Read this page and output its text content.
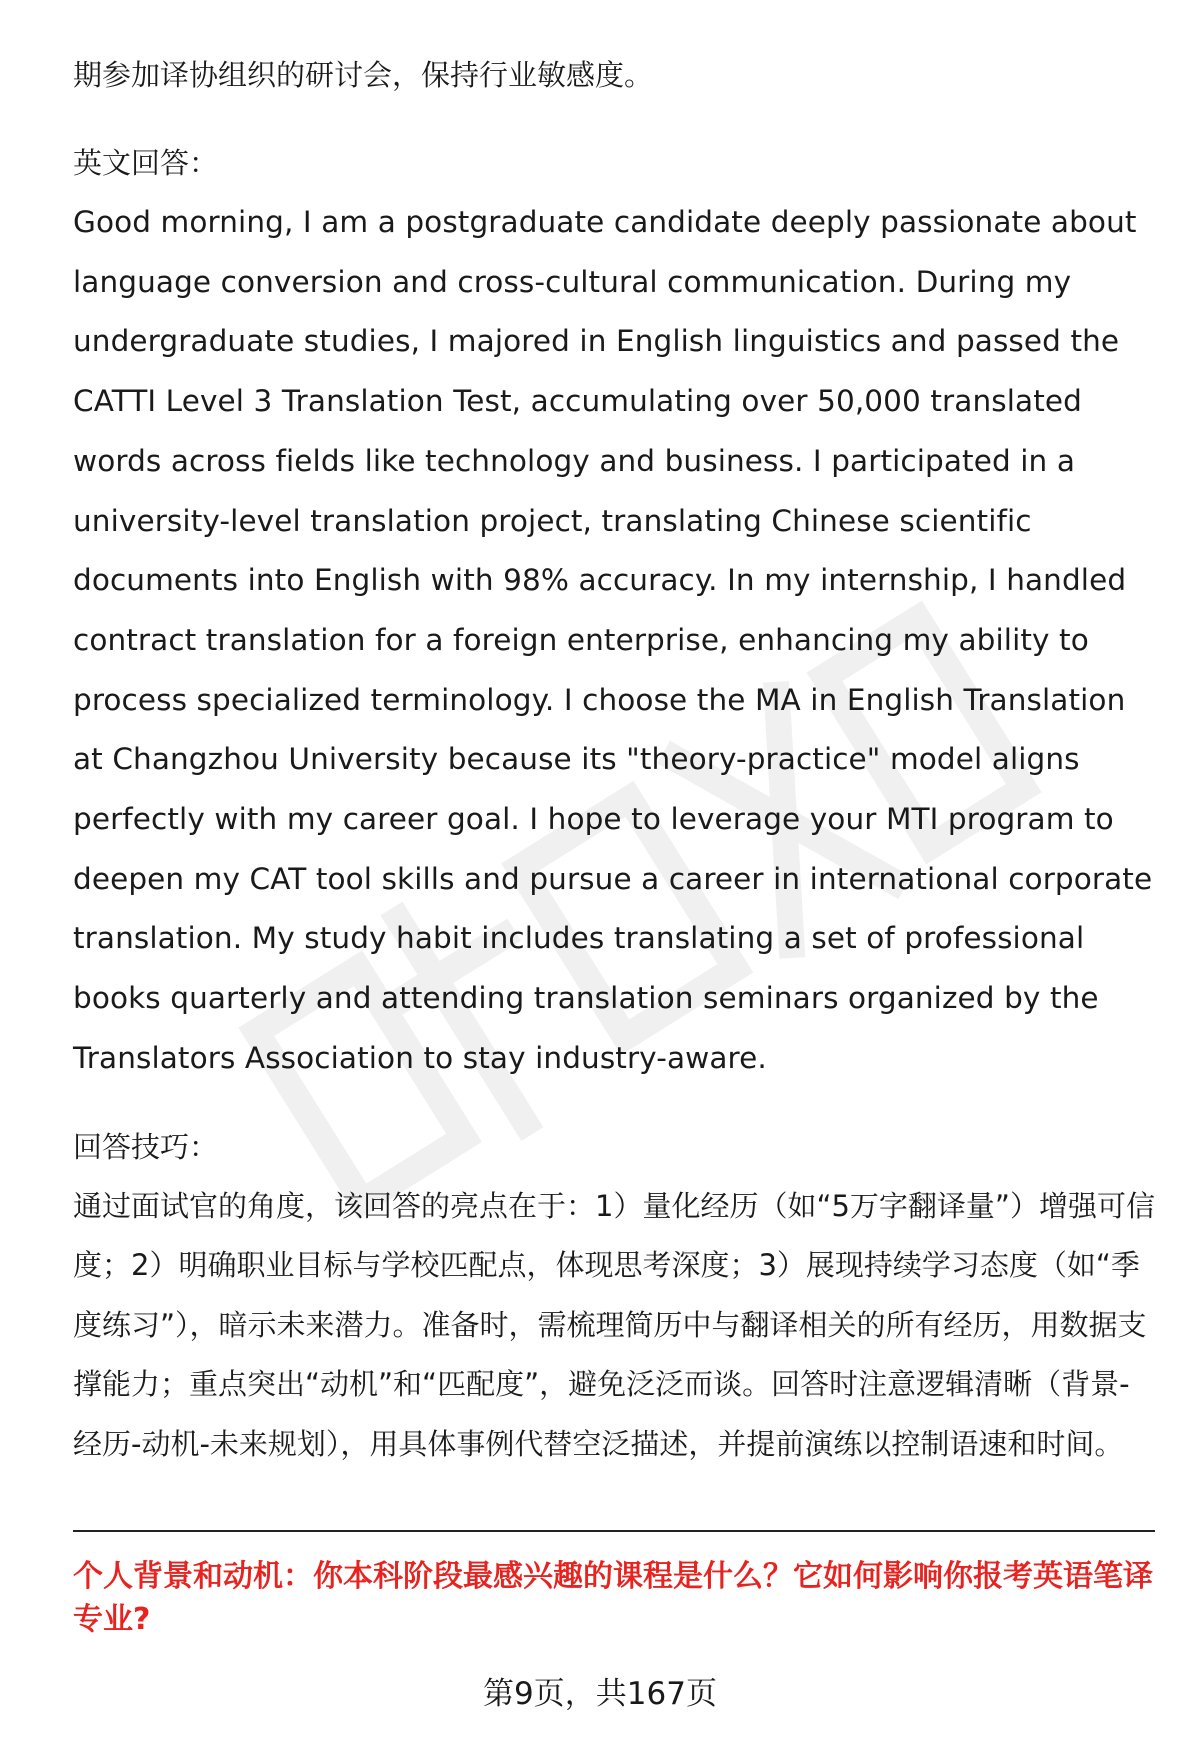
期参加译协组织的研讨会，保持行业敏感度。

英文回答：

Good morning, I am a postgraduate candidate deeply passionate about language conversion and cross-cultural communication. During my undergraduate studies, I majored in English linguistics and passed the CATTI Level 3 Translation Test, accumulating over 50,000 translated words across fields like technology and business. I participated in a university-level translation project, translating Chinese scientific documents into English with 98% accuracy. In my internship, I handled contract translation for a foreign enterprise, enhancing my ability to process specialized terminology. I choose the MA in English Translation at Changzhou University because its "theory-practice" model aligns perfectly with my career goal. I hope to leverage your MTI program to deepen my CAT tool skills and pursue a career in international corporate translation. My study habit includes translating a set of professional books quarterly and attending translation seminars organized by the Translators Association to stay industry-aware.

回答技巧：

通过面试官的角度，该回答的亮点在于：1）量化经历（如“5万字翻译量”）增强可信度；2）明确职业目标与学校匹配点，体现思考深度；3）展现持续学习态度（如“季度练习”），暗示未来潜力。准备时，需梳理简历中与翻译相关的所有经历，用数据支撑能力；重点突出“动机”和“匹配度”，避免泛泛而谈。回答时注意逻辑清晰（背景-经历-动机-未来规划），用具体事例代替空泛描述，并提前演练以控制语速和时间。

个人背景和动机：你本科阶段最感兴趣的课程是什么？它如何影响你报考英语笔译专业?

第9页，共167页
